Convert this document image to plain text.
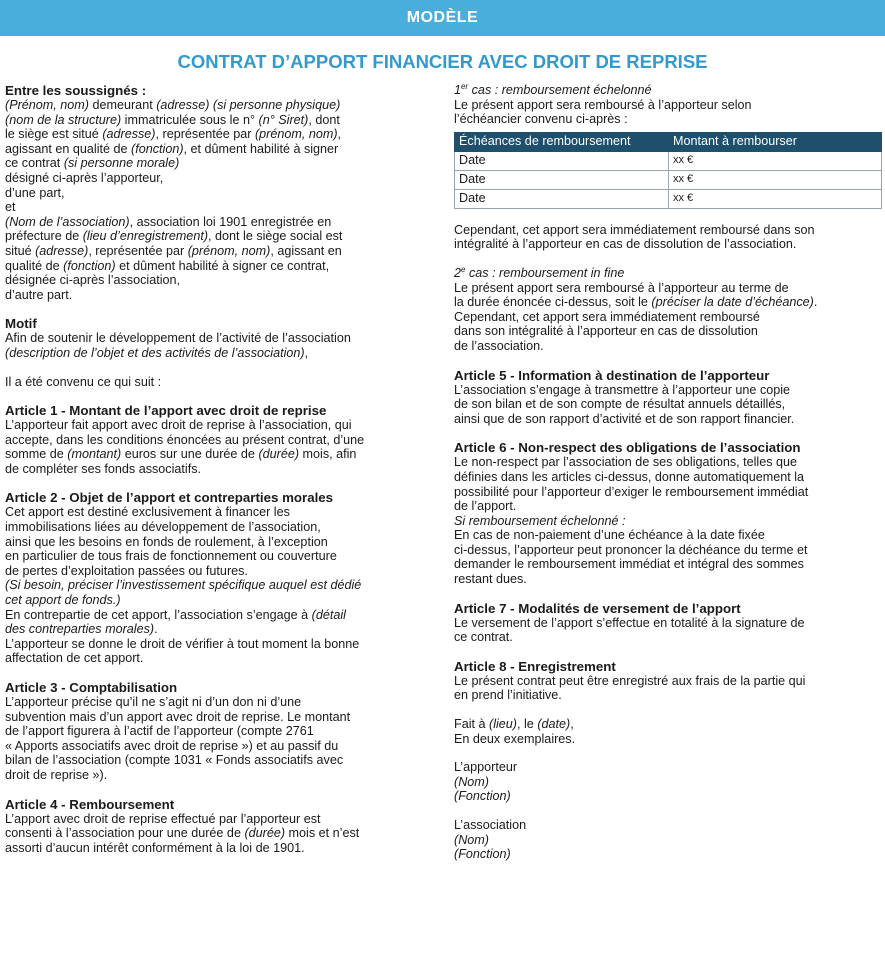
MODÈLE
CONTRAT D’APPORT FINANCIER AVEC DROIT DE REPRISE
Entre les soussignés :

(Prénom, nom) demeurant (adresse) (si personne physique)
(nom de la structure) immatriculée sous le n° (n° Siret), dont
le siège est situé (adresse), représentée par (prénom, nom),
agissant en qualité de (fonction), et dûment habilité à signer
ce contrat (si personne morale)
désigné ci-après l’apporteur,
d’une part,
et
(Nom de l’association), association loi 1901 enregistrée en
préfecture de (lieu d’enregistrement), dont le siège social est
situé (adresse), représentée par (prénom, nom), agissant en
qualité de (fonction) et dûment habilité à signer ce contrat,
désignée ci-après l’association,
d’autre part.

Motif

Afin de soutenir le développement de l’activité de l’association
(description de l’objet et des activités de l’association),

Il a été convenu ce qui suit :

Article 1 - Montant de l’apport avec droit de reprise

L’apporteur fait apport avec droit de reprise à l’association, qui
accepte, dans les conditions énoncées au présent contrat, d’une
somme de (montant) euros sur une durée de (durée) mois, afin
de compléter ses fonds associatifs.

Article 2 - Objet de l’apport et contreparties morales

Cet apport est destiné exclusivement à financer les
immobilisations liées au développement de l’association,
ainsi que les besoins en fonds de roulement, à l’exception
en particulier de tous frais de fonctionnement ou couverture
de pertes d’exploitation passées ou futures.
(Si besoin, préciser l’investissement spécifique auquel est dédié
cet apport de fonds.)
En contrepartie de cet apport, l’association s’engage à (détail
des contreparties morales).
L’apporteur se donne le droit de vérifier à tout moment la bonne
affectation de cet apport.

Article 3 - Comptabilisation

L’apporteur précise qu’il ne s’agit ni d’un don ni d’une
subvention mais d’un apport avec droit de reprise. Le montant
de l’apport figurera à l’actif de l’apporteur (compte 2761
« Apports associatifs avec droit de reprise ») et au passif du
bilan de l’association (compte 1031 « Fonds associatifs avec
droit de reprise »).

Article 4 - Remboursement

L’apport avec droit de reprise effectué par l’apporteur est
consenti à l’association pour une durée de (durée) mois et n’est
assorti d’aucun intérêt conformément à la loi de 1901.

1er cas : remboursement échelonné

Le présent apport sera remboursé à l’apporteur selon
l’échéancier convenu ci-après :

Échéances de remboursement	Montant à rembourser
Date	xx €
Date	xx €
Date	xx €

Cependant, cet apport sera immédiatement remboursé dans son
intégralité à l’apporteur en cas de dissolution de l’association.

2e cas : remboursement in fine

Le présent apport sera remboursé à l’apporteur au terme de
la durée énoncée ci-dessus, soit le (préciser la date d’échéance).
Cependant, cet apport sera immédiatement remboursé
dans son intégralité à l’apporteur en cas de dissolution
de l’association.

Article 5 - Information à destination de l’apporteur

L’association s’engage à transmettre à l’apporteur une copie
de son bilan et de son compte de résultat annuels détaillés,
ainsi que de son rapport d’activité et de son rapport financier.

Article 6 - Non-respect des obligations de l’association

Le non-respect par l’association de ses obligations, telles que
définies dans les articles ci-dessus, donne automatiquement la
possibilité pour l’apporteur d’exiger le remboursement immédiat
de l’apport.
Si remboursement échelonné :
En cas de non-paiement d’une échéance à la date fixée
ci-dessus, l’apporteur peut prononcer la déchéance du terme et
demander le remboursement immédiat et intégral des sommes
restant dues.

Article 7 - Modalités de versement de l’apport

Le versement de l’apport s’effectue en totalité à la signature de
ce contrat.

Article 8 - Enregistrement

Le présent contrat peut être enregistré aux frais de la partie qui
en prend l’initiative.

Fait à (lieu), le (date),
En deux exemplaires.

L’apporteur
(Nom)
(Fonction)

L’association
(Nom)
(Fonction)
